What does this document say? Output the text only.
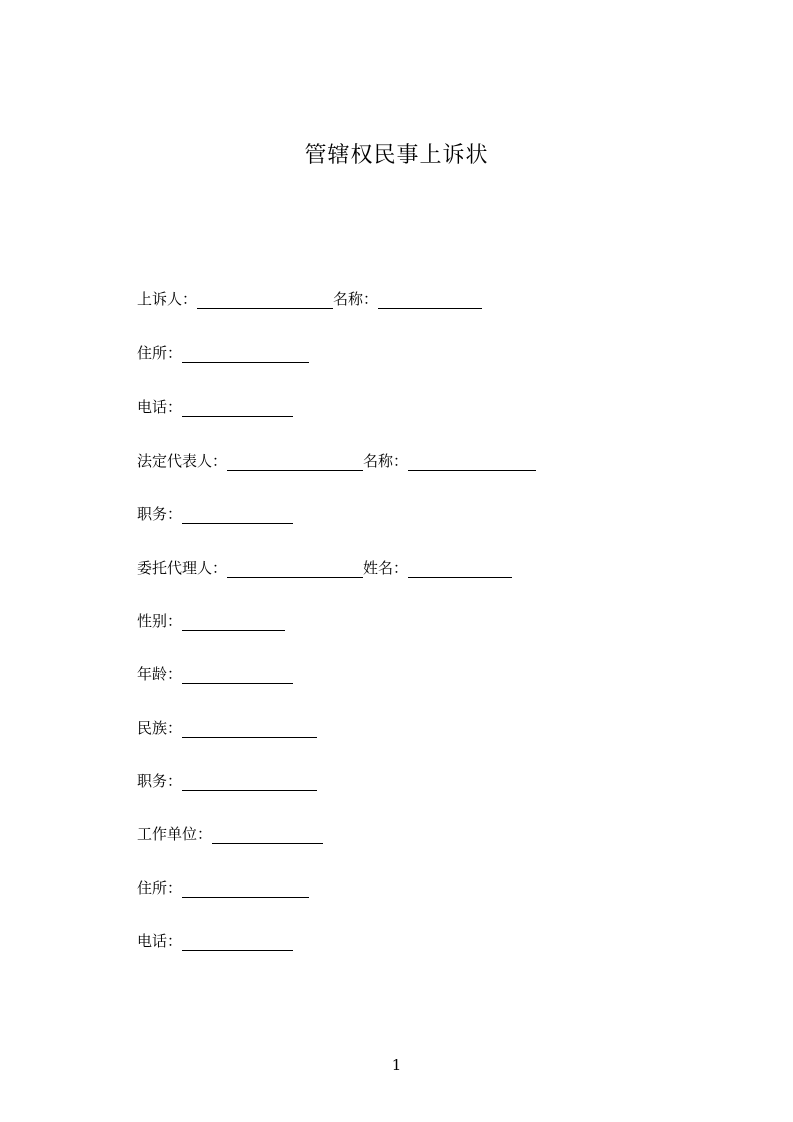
管辖权民事上诉状
上诉人：	名称：
住所：
电话：
法定代表人：	名称：
职务：
委托代理人：	姓名：
性别：
年龄：
民族：
职务：
工作单位：
住所：
电话：
1
